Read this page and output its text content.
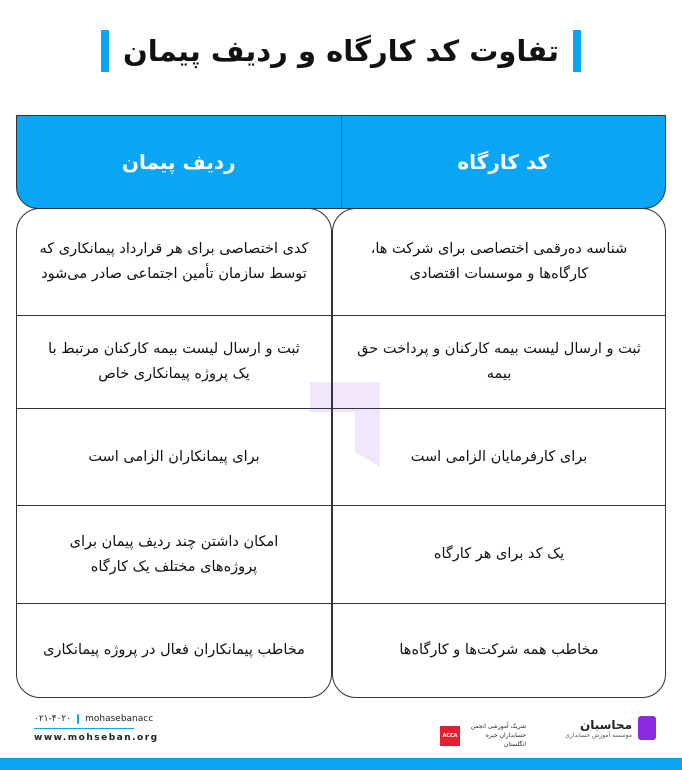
تفاوت کد کارگاه و ردیف پیمان
کد کارگاه
ردیف پیمان
شناسه ده‌رقمی اختصاصی برای شرکت ها، کارگاه‌ها و موسسات اقتصادی
ثبت و ارسال لیست بیمه کارکنان و پرداخت حق بیمه
برای کارفرمایان الزامی است
یک کد برای هر کارگاه
مخاطب همه شرکت‌ها و کارگاه‌ها
کدی اختصاصی برای هر قرارداد پیمانکاری که توسط سازمان تأمین اجتماعی صادر می‌شود
ثبت و ارسال لیست بیمه کارکنان مرتبط با یک پروژه پیمانکاری خاص
برای پیمانکاران الزامی است
امکان داشتن چند ردیف پیمان برای پروژه‌های مختلف یک کارگاه
مخاطب پیمانکاران فعال در پروژه پیمانکاری
۰۲۱-۴۰۲۰ mohasebanacc
www.mohseban.org	ACCA
شریک آموزشی انجمن حسابداران خبره انگلستان
محاسبان
موسسه آموزش حسابداری
